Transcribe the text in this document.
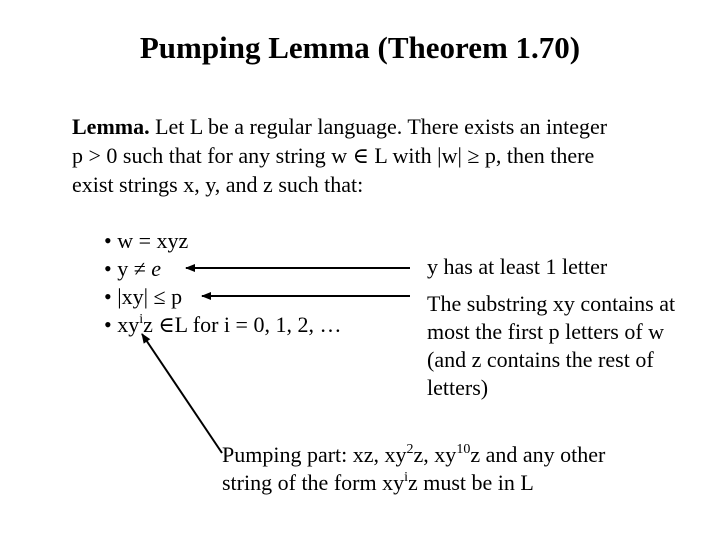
Pumping Lemma (Theorem 1.70)
Lemma. Let L be a regular language. There exists an integer
p > 0 such that for any string w ∈ L with |w| ≥ p, then there
exist strings x, y, and z such that:
• w = xyz
• y ≠ e
• |xy| ≤ p
• $xy^iz$ ∈L for i = 0, 1, 2, …
y has at least 1 letter
The substring xy contains at
most the first p letters of w
(and z contains the rest of
letters)
Pumping part: xz, $xy^2z$, $xy^{10}z$ and any other
string of the form $xy^iz$ must be in L
